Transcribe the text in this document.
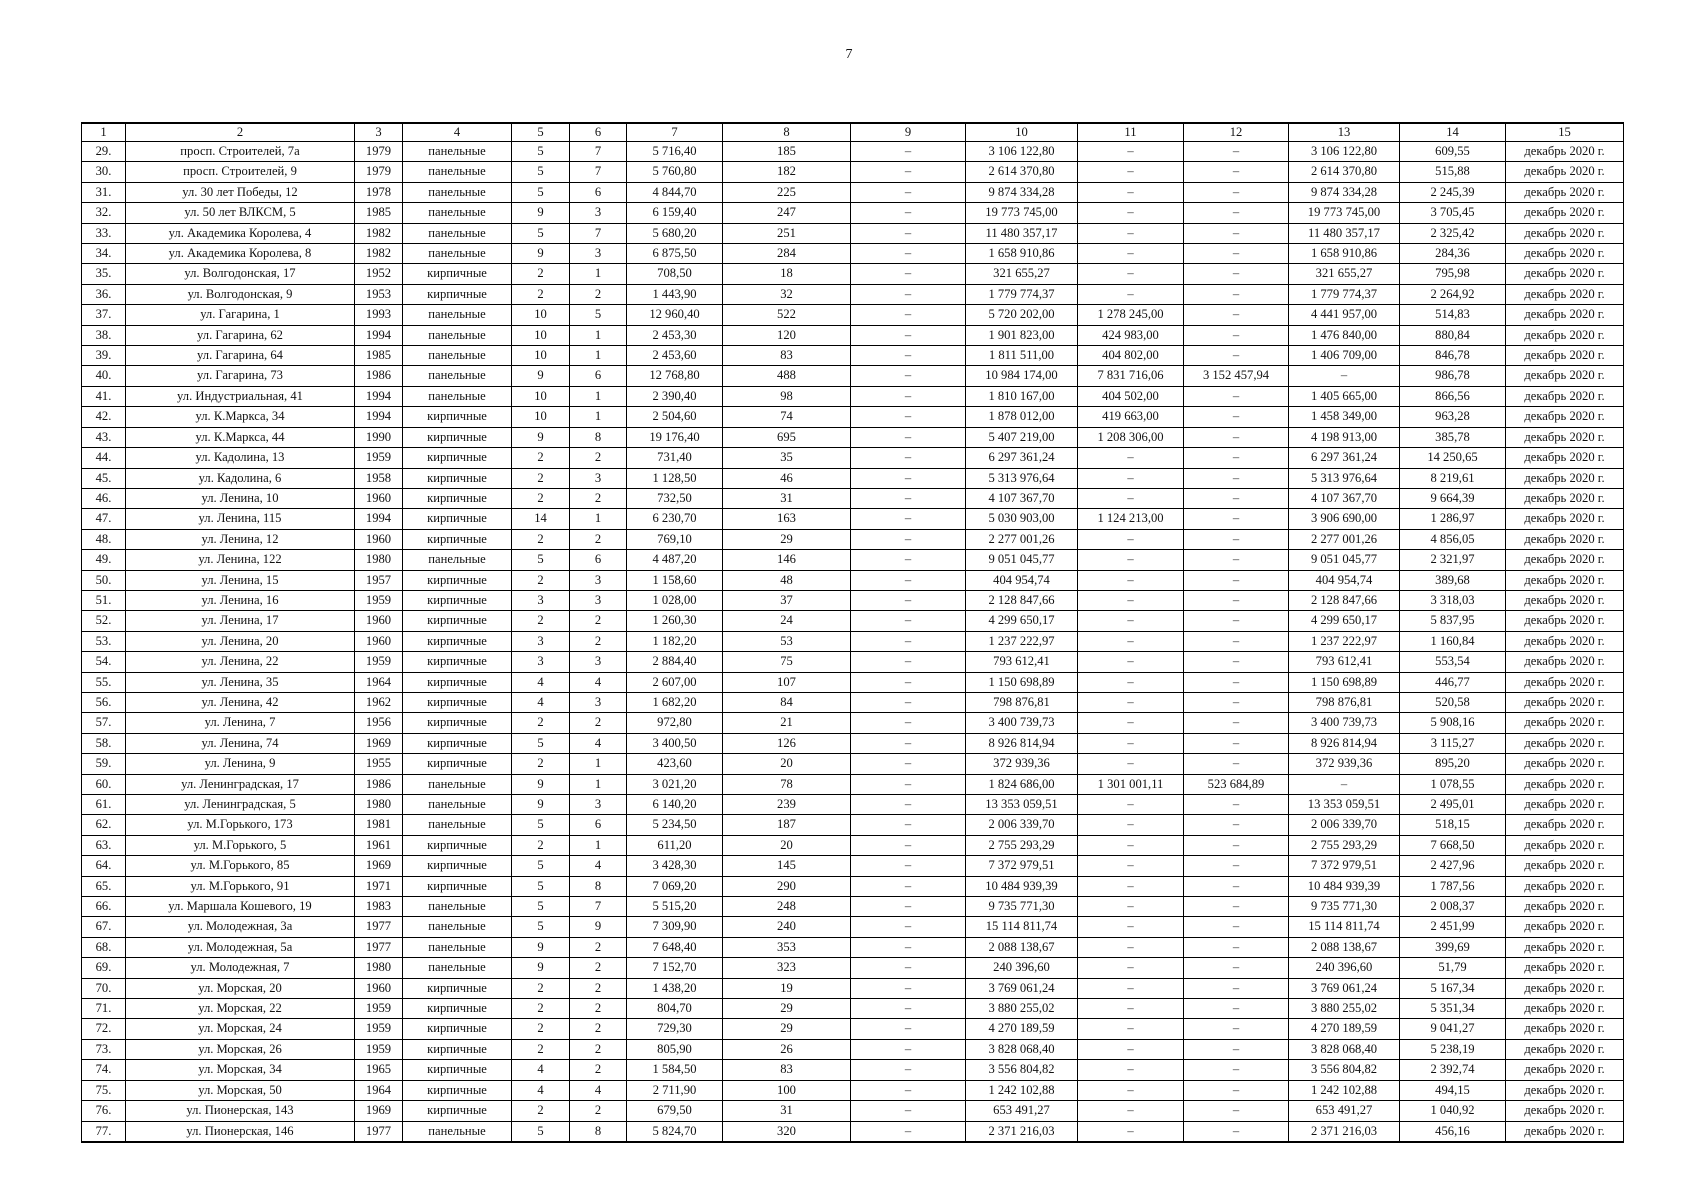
7
1	2	3	4	5	6	7	8	9	10	11	12	13	14	15
29.	просп. Строителей, 7а	1979	панельные	5	7	5 716,40	185	–	3 106 122,80	–	–	3 106 122,80	609,55	декабрь 2020 г.
30.	просп. Строителей, 9	1979	панельные	5	7	5 760,80	182	–	2 614 370,80	–	–	2 614 370,80	515,88	декабрь 2020 г.
31.	ул. 30 лет Победы, 12	1978	панельные	5	6	4 844,70	225	–	9 874 334,28	–	–	9 874 334,28	2 245,39	декабрь 2020 г.
32.	ул. 50 лет ВЛКСМ, 5	1985	панельные	9	3	6 159,40	247	–	19 773 745,00	–	–	19 773 745,00	3 705,45	декабрь 2020 г.
33.	ул. Академика Королева, 4	1982	панельные	5	7	5 680,20	251	–	11 480 357,17	–	–	11 480 357,17	2 325,42	декабрь 2020 г.
34.	ул. Академика Королева, 8	1982	панельные	9	3	6 875,50	284	–	1 658 910,86	–	–	1 658 910,86	284,36	декабрь 2020 г.
35.	ул. Волгодонская, 17	1952	кирпичные	2	1	708,50	18	–	321 655,27	–	–	321 655,27	795,98	декабрь 2020 г.
36.	ул. Волгодонская, 9	1953	кирпичные	2	2	1 443,90	32	–	1 779 774,37	–	–	1 779 774,37	2 264,92	декабрь 2020 г.
37.	ул. Гагарина, 1	1993	панельные	10	5	12 960,40	522	–	5 720 202,00	1 278 245,00	–	4 441 957,00	514,83	декабрь 2020 г.
38.	ул. Гагарина, 62	1994	панельные	10	1	2 453,30	120	–	1 901 823,00	424 983,00	–	1 476 840,00	880,84	декабрь 2020 г.
39.	ул. Гагарина, 64	1985	панельные	10	1	2 453,60	83	–	1 811 511,00	404 802,00	–	1 406 709,00	846,78	декабрь 2020 г.
40.	ул. Гагарина, 73	1986	панельные	9	6	12 768,80	488	–	10 984 174,00	7 831 716,06	3 152 457,94	–	986,78	декабрь 2020 г.
41.	ул. Индустриальная, 41	1994	панельные	10	1	2 390,40	98	–	1 810 167,00	404 502,00	–	1 405 665,00	866,56	декабрь 2020 г.
42.	ул. К.Маркса, 34	1994	кирпичные	10	1	2 504,60	74	–	1 878 012,00	419 663,00	–	1 458 349,00	963,28	декабрь 2020 г.
43.	ул. К.Маркса, 44	1990	кирпичные	9	8	19 176,40	695	–	5 407 219,00	1 208 306,00	–	4 198 913,00	385,78	декабрь 2020 г.
44.	ул. Кадолина, 13	1959	кирпичные	2	2	731,40	35	–	6 297 361,24	–	–	6 297 361,24	14 250,65	декабрь 2020 г.
45.	ул. Кадолина, 6	1958	кирпичные	2	3	1 128,50	46	–	5 313 976,64	–	–	5 313 976,64	8 219,61	декабрь 2020 г.
46.	ул. Ленина, 10	1960	кирпичные	2	2	732,50	31	–	4 107 367,70	–	–	4 107 367,70	9 664,39	декабрь 2020 г.
47.	ул. Ленина, 115	1994	кирпичные	14	1	6 230,70	163	–	5 030 903,00	1 124 213,00	–	3 906 690,00	1 286,97	декабрь 2020 г.
48.	ул. Ленина, 12	1960	кирпичные	2	2	769,10	29	–	2 277 001,26	–	–	2 277 001,26	4 856,05	декабрь 2020 г.
49.	ул. Ленина, 122	1980	панельные	5	6	4 487,20	146	–	9 051 045,77	–	–	9 051 045,77	2 321,97	декабрь 2020 г.
50.	ул. Ленина, 15	1957	кирпичные	2	3	1 158,60	48	–	404 954,74	–	–	404 954,74	389,68	декабрь 2020 г.
51.	ул. Ленина, 16	1959	кирпичные	3	3	1 028,00	37	–	2 128 847,66	–	–	2 128 847,66	3 318,03	декабрь 2020 г.
52.	ул. Ленина, 17	1960	кирпичные	2	2	1 260,30	24	–	4 299 650,17	–	–	4 299 650,17	5 837,95	декабрь 2020 г.
53.	ул. Ленина, 20	1960	кирпичные	3	2	1 182,20	53	–	1 237 222,97	–	–	1 237 222,97	1 160,84	декабрь 2020 г.
54.	ул. Ленина, 22	1959	кирпичные	3	3	2 884,40	75	–	793 612,41	–	–	793 612,41	553,54	декабрь 2020 г.
55.	ул. Ленина, 35	1964	кирпичные	4	4	2 607,00	107	–	1 150 698,89	–	–	1 150 698,89	446,77	декабрь 2020 г.
56.	ул. Ленина, 42	1962	кирпичные	4	3	1 682,20	84	–	798 876,81	–	–	798 876,81	520,58	декабрь 2020 г.
57.	ул. Ленина, 7	1956	кирпичные	2	2	972,80	21	–	3 400 739,73	–	–	3 400 739,73	5 908,16	декабрь 2020 г.
58.	ул. Ленина, 74	1969	кирпичные	5	4	3 400,50	126	–	8 926 814,94	–	–	8 926 814,94	3 115,27	декабрь 2020 г.
59.	ул. Ленина, 9	1955	кирпичные	2	1	423,60	20	–	372 939,36	–	–	372 939,36	895,20	декабрь 2020 г.
60.	ул. Ленинградская, 17	1986	панельные	9	1	3 021,20	78	–	1 824 686,00	1 301 001,11	523 684,89	–	1 078,55	декабрь 2020 г.
61.	ул. Ленинградская, 5	1980	панельные	9	3	6 140,20	239	–	13 353 059,51	–	–	13 353 059,51	2 495,01	декабрь 2020 г.
62.	ул. М.Горького, 173	1981	панельные	5	6	5 234,50	187	–	2 006 339,70	–	–	2 006 339,70	518,15	декабрь 2020 г.
63.	ул. М.Горького, 5	1961	кирпичные	2	1	611,20	20	–	2 755 293,29	–	–	2 755 293,29	7 668,50	декабрь 2020 г.
64.	ул. М.Горького, 85	1969	кирпичные	5	4	3 428,30	145	–	7 372 979,51	–	–	7 372 979,51	2 427,96	декабрь 2020 г.
65.	ул. М.Горького, 91	1971	кирпичные	5	8	7 069,20	290	–	10 484 939,39	–	–	10 484 939,39	1 787,56	декабрь 2020 г.
66.	ул. Маршала Кошевого, 19	1983	панельные	5	7	5 515,20	248	–	9 735 771,30	–	–	9 735 771,30	2 008,37	декабрь 2020 г.
67.	ул. Молодежная, 3а	1977	панельные	5	9	7 309,90	240	–	15 114 811,74	–	–	15 114 811,74	2 451,99	декабрь 2020 г.
68.	ул. Молодежная, 5а	1977	панельные	9	2	7 648,40	353	–	2 088 138,67	–	–	2 088 138,67	399,69	декабрь 2020 г.
69.	ул. Молодежная, 7	1980	панельные	9	2	7 152,70	323	–	240 396,60	–	–	240 396,60	51,79	декабрь 2020 г.
70.	ул. Морская, 20	1960	кирпичные	2	2	1 438,20	19	–	3 769 061,24	–	–	3 769 061,24	5 167,34	декабрь 2020 г.
71.	ул. Морская, 22	1959	кирпичные	2	2	804,70	29	–	3 880 255,02	–	–	3 880 255,02	5 351,34	декабрь 2020 г.
72.	ул. Морская, 24	1959	кирпичные	2	2	729,30	29	–	4 270 189,59	–	–	4 270 189,59	9 041,27	декабрь 2020 г.
73.	ул. Морская, 26	1959	кирпичные	2	2	805,90	26	–	3 828 068,40	–	–	3 828 068,40	5 238,19	декабрь 2020 г.
74.	ул. Морская, 34	1965	кирпичные	4	2	1 584,50	83	–	3 556 804,82	–	–	3 556 804,82	2 392,74	декабрь 2020 г.
75.	ул. Морская, 50	1964	кирпичные	4	4	2 711,90	100	–	1 242 102,88	–	–	1 242 102,88	494,15	декабрь 2020 г.
76.	ул. Пионерская, 143	1969	кирпичные	2	2	679,50	31	–	653 491,27	–	–	653 491,27	1 040,92	декабрь 2020 г.
77.	ул. Пионерская, 146	1977	панельные	5	8	5 824,70	320	–	2 371 216,03	–	–	2 371 216,03	456,16	декабрь 2020 г.
